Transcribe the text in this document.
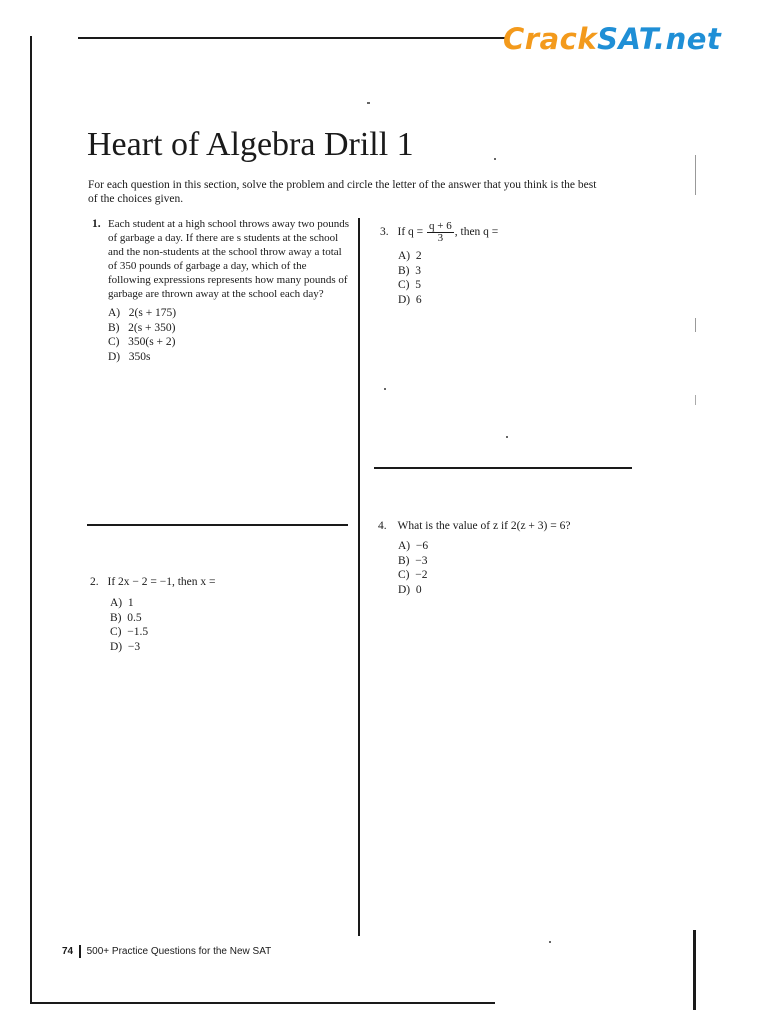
CrackSAT.net
Heart of Algebra Drill 1
For each question in this section, solve the problem and circle the letter of the answer that you think is the best of the choices given.
1. Each student at a high school throws away two pounds of garbage a day. If there are s students at the school and the non-students at the school throw away a total of 350 pounds of garbage a day, which of the following expressions represents how many pounds of garbage are thrown away at the school each day?
A)   2(s + 175)
B)   2(s + 350)
C)   350(s + 2)
D)   350s
2. If 2x − 2 = −1, then x =
A)  1
B)  0.5
C)  −1.5
D)  −3
3. If $q = \frac{q + 6}{3}$ , then q =
A)  2
B)  3
C)  5
D)  6
4. What is the value of z if 2(z + 3) = 6?
A)  −6
B)  −3
C)  −2
D)  0
74 500+ Practice Questions for the New SAT
